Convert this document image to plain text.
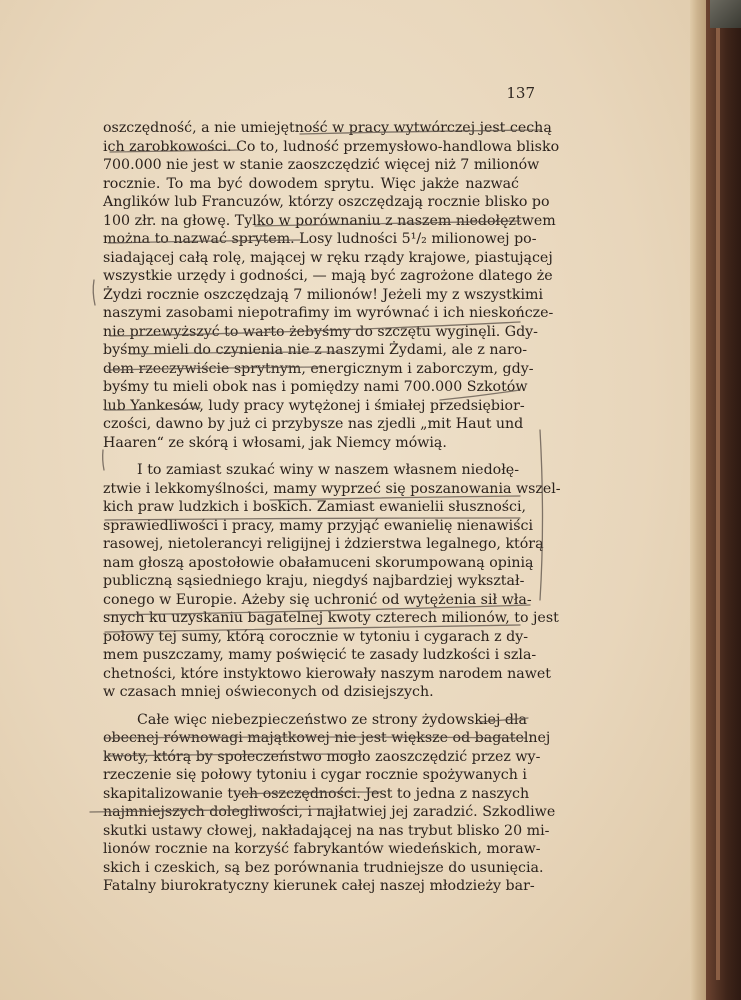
137
oszczędność, a nie umiejętność w pracy wytwórczej jest cechą
ich zarobkowości. Co to, ludność przemysłowo-handlowa blisko
700.000 nie jest w stanie zaoszczędzić więcej niż 7 milionów
rocznie. To ma być dowodem sprytu. Więc jakże nazwać
Anglików lub Francuzów, którzy oszczędzają rocznie blisko po
100 złr. na głowę. Tylko w porównaniu z naszem niedołęztwem
można to nazwać sprytem. Losy ludności 5¹/₂ milionowej po-
siadającej całą rolę, mającej w ręku rządy krajowe, piastującej
wszystkie urzędy i godności, — mają być zagrożone dlatego że
Żydzi rocznie oszczędzają 7 milionów! Jeżeli my z wszystkimi
naszymi zasobami niepotrafimy im wyrównać i ich nieskończe-
nie przewyższyć to warto żebyśmy do szczętu wyginęli. Gdy-
byśmy mieli do czynienia nie z naszymi Żydami, ale z naro-
dem rzeczywiście sprytnym, energicznym i zaborczym, gdy-
byśmy tu mieli obok nas i pomiędzy nami 700.000 Szkotów
lub Yankesów, ludy pracy wytężonej i śmiałej przedsiębior-
czości, dawno by już ci przybysze nas zjedli „mit Haut und
Haaren“ ze skórą i włosami, jak Niemcy mówią.
I to zamiast szukać winy w naszem własnem niedołę-
ztwie i lekkomyślności, mamy wyprzeć się poszanowania wszel-
kich praw ludzkich i boskich. Zamiast ewanielii słuszności,
sprawiedliwości i pracy, mamy przyjąć ewanielię nienawiści
rasowej, nietolerancyi religijnej i żdzierstwa legalnego, którą
nam głoszą apostołowie obałamuceni skorumpowaną opinią
publiczną sąsiedniego kraju, niegdyś najbardziej wykształ-
conego w Europie. Ażeby się uchronić od wytężenia sił wła-
snych ku uzyskaniu bagatelnej kwoty czterech milionów, to jest
połowy tej sumy, którą corocznie w tytoniu i cygarach z dy-
mem puszczamy, mamy poświęcić te zasady ludzkości i szla-
chetności, które instyktowo kierowały naszym narodem nawet
w czasach mniej oświeconych od dzisiejszych.
Całe więc niebezpieczeństwo ze strony żydowskiej dla
obecnej równowagi majątkowej nie jest większe od bagatelnej
kwoty, którą by społeczeństwo mogło zaoszczędzić przez wy-
rzeczenie się połowy tytoniu i cygar rocznie spożywanych i
skapitalizowanie tych oszczędności. Jest to jedna z naszych
najmniejszych dolegliwości, i najłatwiej jej zaradzić. Szkodliwe
skutki ustawy cłowej, nakładającej na nas trybut blisko 20 mi-
lionów rocznie na korzyść fabrykantów wiedeńskich, moraw-
skich i czeskich, są bez porównania trudniejsze do usunięcia.
Fatalny biurokratyczny kierunek całej naszej młodzieży bar-
